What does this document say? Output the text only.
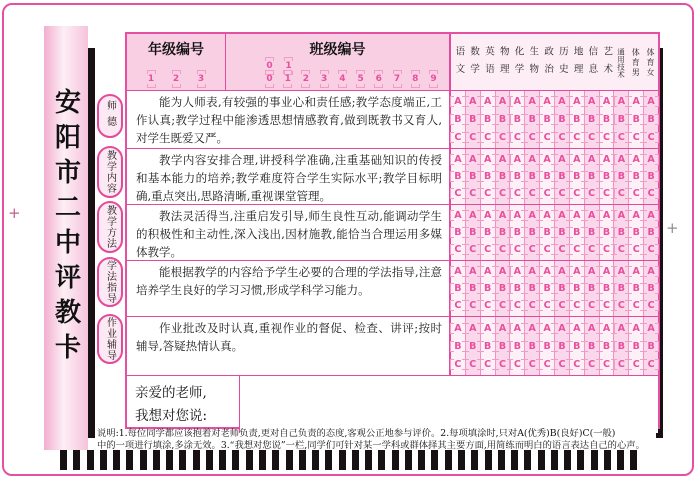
+
+
安阳市二中评教卡
年级编号
1 2 3
班级编号
0 1
0 1 2 3 4 5 6 7 8 9 语文 数学 英语 物理 化学 生物 政治 历史 地理 信息 艺术 通用技术 体育男 体育女
能为人师表,有较强的事业心和责任感;教学态度端正,工作认真;教学过程中能渗透思想情感教育,做到既教书又育人,对学生既爱又严。
A
B
C
A
B
C
A
B
C
A
B
C
A
B
C
A
B
C
A
B
C
A
B
C
A
B
C
A
B
C
A
B
C
A
B
C
A
B
C
A
B
C
教学内容安排合理,讲授科学准确,注重基础知识的传授和基本能力的培养;教学难度符合学生实际水平;教学目标明确,重点突出,思路清晰,重视课堂管理。
A
B
C
A
B
C
A
B
C
A
B
C
A
B
C
A
B
C
A
B
C
A
B
C
A
B
C
A
B
C
A
B
C
A
B
C
A
B
C
A
B
C
教法灵活得当,注重启发引导,师生良性互动,能调动学生的积极性和主动性,深入浅出,因材施教,能恰当合理运用多媒体教学。
A
B
C
A
B
C
A
B
C
A
B
C
A
B
C
A
B
C
A
B
C
A
B
C
A
B
C
A
B
C
A
B
C
A
B
C
A
B
C
A
B
C
能根据教学的内容给予学生必要的合理的学法指导,注意培养学生良好的学习习惯,形成学科学习能力。
A
B
C
A
B
C
A
B
C
A
B
C
A
B
C
A
B
C
A
B
C
A
B
C
A
B
C
A
B
C
A
B
C
A
B
C
A
B
C
A
B
C
作业批改及时认真,重视作业的督促、检查、讲评;按时辅导,答疑热情认真。
A
B
C
A
B
C
A
B
C
A
B
C
A
B
C
A
B
C
A
B
C
A
B
C
A
B
C
A
B
C
A
B
C
A
B
C
A
B
C
A
B
C
亲爱的老师,
我想对您说:
师德
教学内容
教学方法
学法指导
作业辅导
说明:1.每位同学都应该抱着对老师负责,更对自己负责的态度,客观公正地参与评价。2.每项填涂时,只对A(优秀)B(良好)C(一般)
中的一项进行填涂,多涂无效。3.“我想对您说”一栏,同学们可针对某一学科或群体择其主要方面,用简练而明白的语言表达自己的心声。
